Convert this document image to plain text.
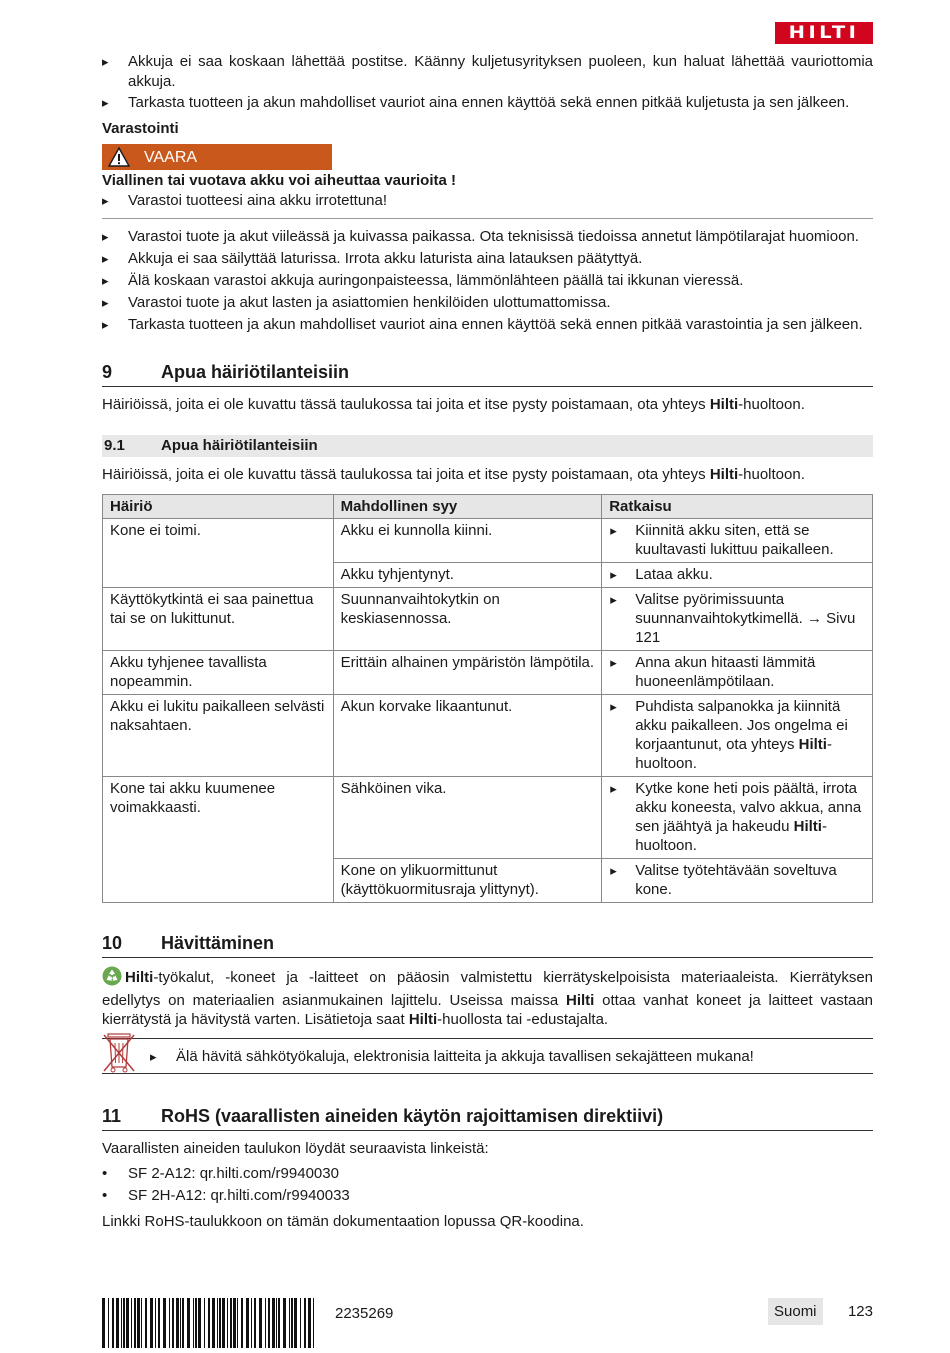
HILTI

▸ Akkuja ei saa koskaan lähettää postitse. Käänny kuljetusyrityksen puoleen, kun haluat lähettää vauriottomia akkuja.

▸ Tarkasta tuotteen ja akun mahdolliset vauriot aina ennen käyttöä sekä ennen pitkää kuljetusta ja sen jälkeen.

Varastointi

VAARA

Viallinen tai vuotava akku voi aiheuttaa vaurioita !

▸ Varastoi tuotteesi aina akku irrotettuna!

▸ Varastoi tuote ja akut viileässä ja kuivassa paikassa. Ota teknisissä tiedoissa annetut lämpötilarajat huomioon.

▸ Akkuja ei saa säilyttää laturissa. Irrota akku laturista aina latauksen päätyttyä.

▸ Älä koskaan varastoi akkuja auringonpaisteessa, lämmönlähteen päällä tai ikkunan vieressä.

▸ Varastoi tuote ja akut lasten ja asiattomien henkilöiden ulottumattomissa.

▸ Tarkasta tuotteen ja akun mahdolliset vauriot aina ennen käyttöä sekä ennen pitkää varastointia ja sen jälkeen.

9	Apua häiriötilanteisiin

Häiriöissä, joita ei ole kuvattu tässä taulukossa tai joita et itse pysty poistamaan, ota yhteys Hilti-huoltoon.

9.1	Apua häiriötilanteisiin

Häiriöissä, joita ei ole kuvattu tässä taulukossa tai joita et itse pysty poistamaan, ota yhteys Hilti-huoltoon.

Häiriö	Mahdollinen syy	Ratkaisu
Kone ei toimi.	Akku ei kunnolla kiinni.	▸ Kiinnitä akku siten, että se kuultavasti lukittuu paikalleen.
	Akku tyhjentynyt.	▸ Lataa akku.
Käyttökytkintä ei saa painettua tai se on lukittunut.	Suunnanvaihtokytkin on keskiasennossa.	▸ Valitse pyörimissuunta suunnanvaihtokytkimellä. → Sivu 121
Akku tyhjenee tavallista nopeammin.	Erittäin alhainen ympäristön lämpötila.	▸ Anna akun hitaasti lämmitä huoneenlämpötilaan.
Akku ei lukitu paikalleen selvästi naksahtaen.	Akun korvake likaantunut.	▸ Puhdista salpanokka ja kiinnitä akku paikalleen. Jos ongelma ei korjaantunut, ota yhteys Hilti-huoltoon.
Kone tai akku kuumenee voimakkaasti.	Sähköinen vika.	▸ Kytke kone heti pois päältä, irrota akku koneesta, valvo akkua, anna sen jäähtyä ja hakeudu Hilti-huoltoon.
	Kone on ylikuormittunut (käyttökuormitusraja ylittynyt).	▸ Valitse työtehtävään soveltuva kone.
10	Hävittäminen

Hilti-työkalut, -koneet ja -laitteet on pääosin valmistettu kierrätyskelpoisista materiaaleista. Kierrätyksen edellytys on materiaalien asianmukainen lajittelu. Useissa maissa Hilti ottaa vanhat koneet ja laitteet vastaan kierrätystä ja hävitystä varten. Lisätietoja saat Hilti-huollosta tai -edustajalta.

▸ Älä hävitä sähkötyökaluja, elektronisia laitteita ja akkuja tavallisen sekajätteen mukana!

11	RoHS (vaarallisten aineiden käytön rajoittamisen direktiivi)

Vaarallisten aineiden taulukon löydät seuraavista linkeistä:

• SF 2-A12: qr.hilti.com/r9940030

• SF 2H-A12: qr.hilti.com/r9940033

Linkki RoHS-taulukkoon on tämän dokumentaation lopussa QR-koodina.

2235269	Suomi	123
